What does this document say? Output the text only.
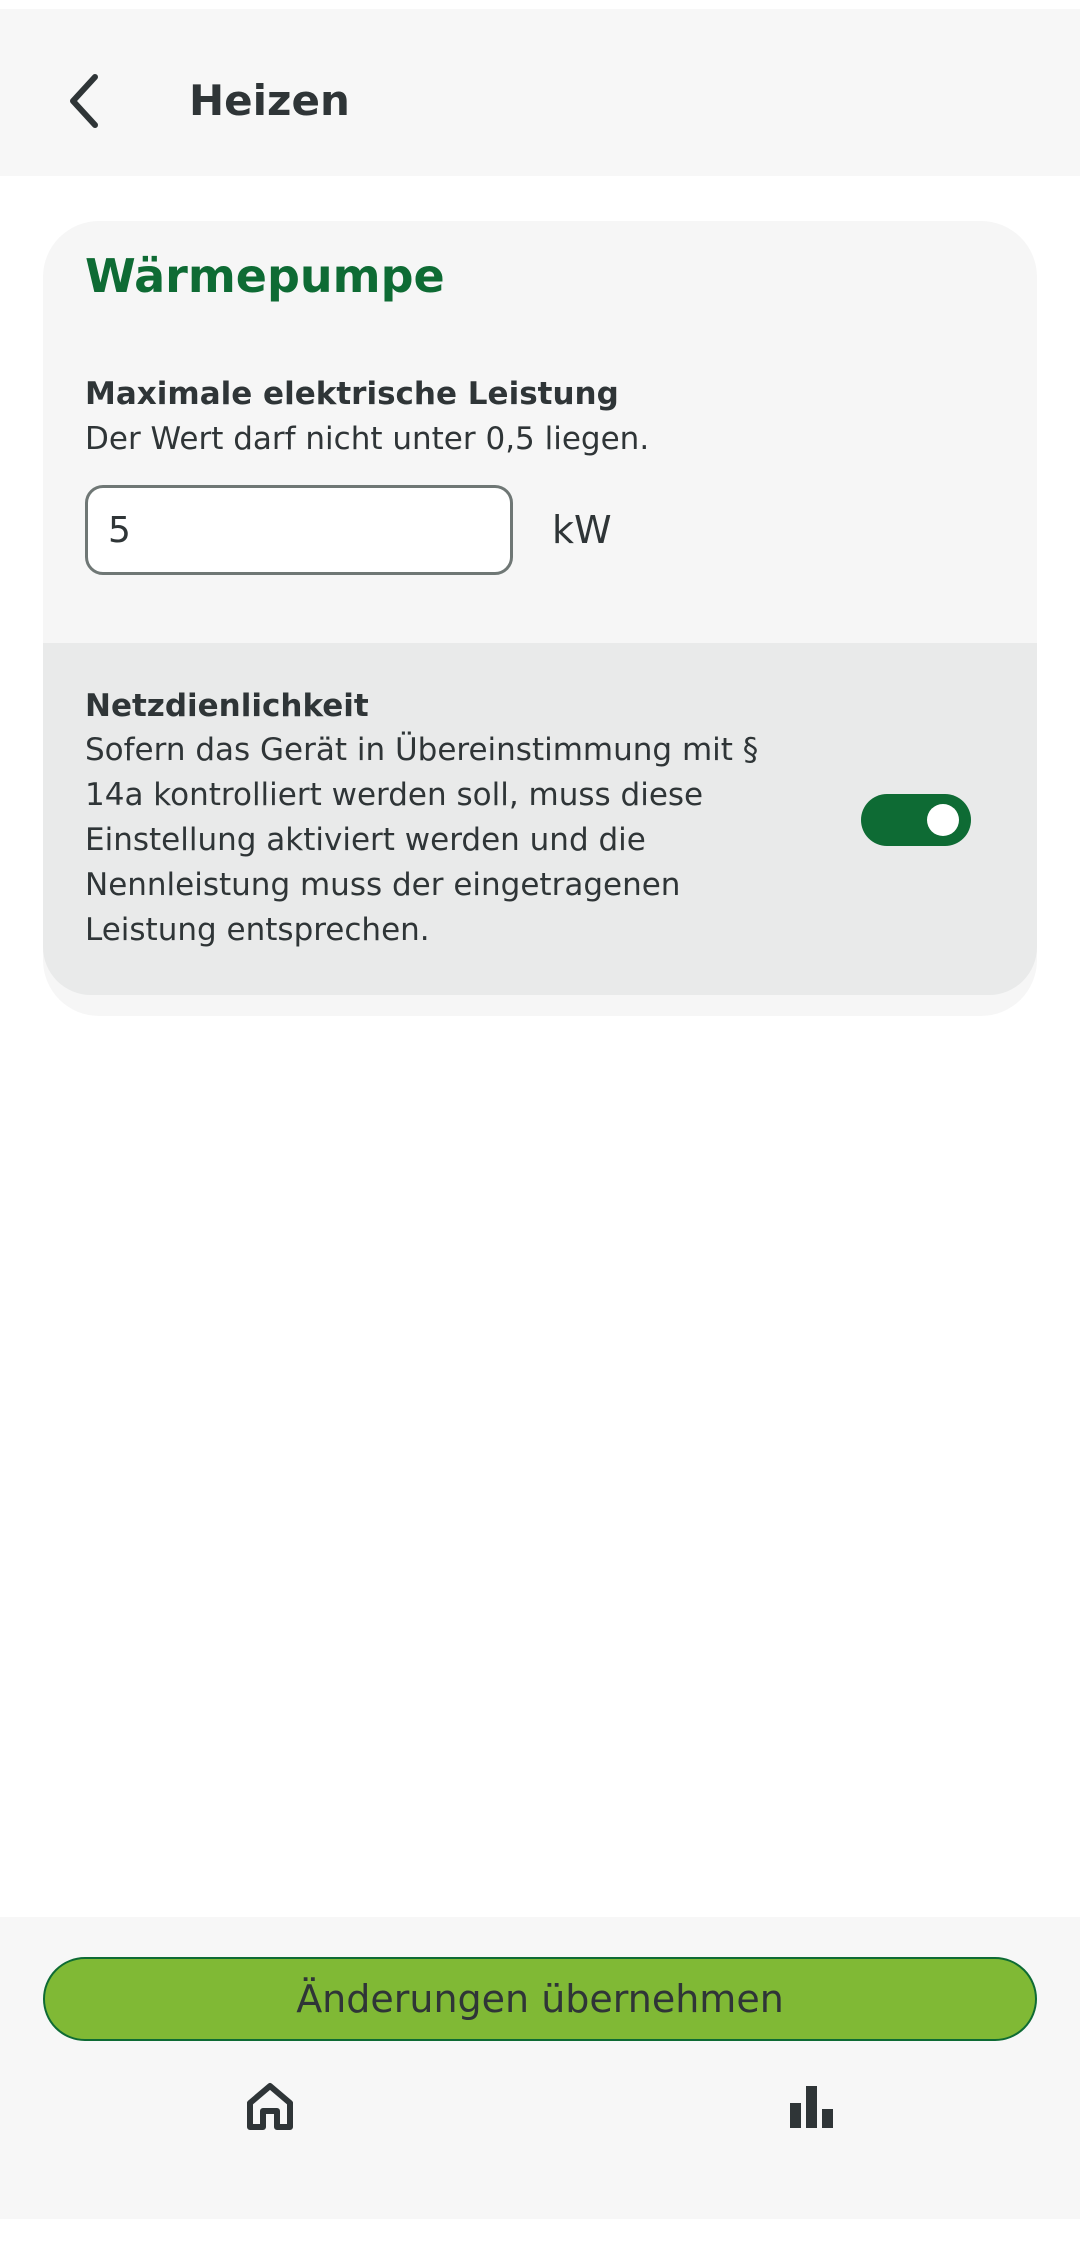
Heizen
Wärmepumpe
Maximale elektrische Leistung
Der Wert darf nicht unter 0,5 liegen.
5
kW
Netzdienlichkeit
Sofern das Gerät in Übereinstimmung mit § 14a kontrolliert werden soll, muss diese Einstellung aktiviert werden und die Nennleistung muss der eingetragenen Leistung entsprechen.
Änderungen übernehmen
